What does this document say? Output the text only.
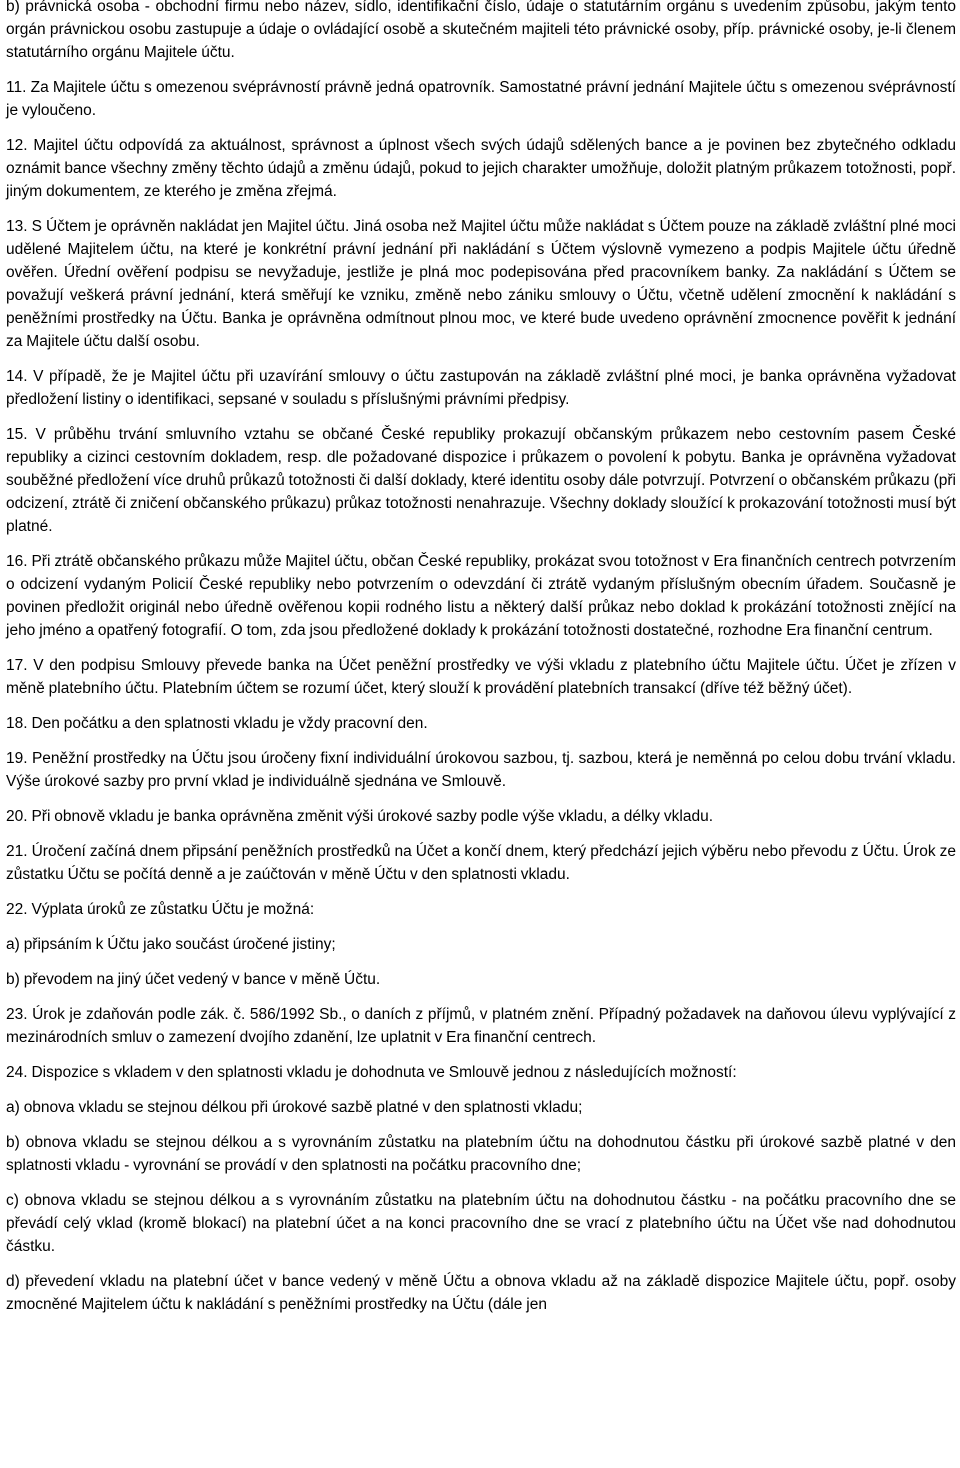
b) právnická osoba - obchodní firmu nebo název, sídlo, identifikační číslo, údaje o statutárním orgánu s uvedením způsobu, jakým tento orgán právnickou osobu zastupuje a údaje o ovládající osobě a skutečném majiteli této právnické osoby, příp. právnické osoby, je-li členem statutárního orgánu Majitele účtu.

11. Za Majitele účtu s omezenou svéprávností právně jedná opatrovník. Samostatné právní jednání Majitele účtu s omezenou svéprávností je vyloučeno.

12. Majitel účtu odpovídá za aktuálnost, správnost a úplnost všech svých údajů sdělených bance a je povinen bez zbytečného odkladu oznámit bance všechny změny těchto údajů a změnu údajů, pokud to jejich charakter umožňuje, doložit platným průkazem totožnosti, popř. jiným dokumentem, ze kterého je změna zřejmá.

13. S Účtem je oprávněn nakládat jen Majitel účtu. Jiná osoba než Majitel účtu může nakládat s Účtem pouze na základě zvláštní plné moci udělené Majitelem účtu, na které je konkrétní právní jednání při nakládání s Účtem výslovně vymezeno a podpis Majitele účtu úředně ověřen. Úřední ověření podpisu se nevyžaduje, jestliže je plná moc podepisována před pracovníkem banky. Za nakládání s Účtem se považují veškerá právní jednání, která směřují ke vzniku, změně nebo zániku smlouvy o Účtu, včetně udělení zmocnění k nakládání s peněžními prostředky na Účtu. Banka je oprávněna odmítnout plnou moc, ve které bude uvedeno oprávnění zmocnence pověřit k jednání za Majitele účtu další osobu.

14. V případě, že je Majitel účtu při uzavírání smlouvy o účtu zastupován na základě zvláštní plné moci, je banka oprávněna vyžadovat předložení listiny o identifikaci, sepsané v souladu s příslušnými právními předpisy.

15. V průběhu trvání smluvního vztahu se občané České republiky prokazují občanským průkazem nebo cestovním pasem České republiky a cizinci cestovním dokladem, resp. dle požadované dispozice i průkazem o povolení k pobytu. Banka je oprávněna vyžadovat souběžné předložení více druhů průkazů totožnosti či další doklady, které identitu osoby dále potvrzují. Potvrzení o občanském průkazu (při odcizení, ztrátě či zničení občanského průkazu) průkaz totožnosti nenahrazuje. Všechny doklady sloužící k prokazování totožnosti musí být platné.

16. Při ztrátě občanského průkazu může Majitel účtu, občan České republiky, prokázat svou totožnost v Era finančních centrech potvrzením o odcizení vydaným Policií České republiky nebo potvrzením o odevzdání či ztrátě vydaným příslušným obecním úřadem. Současně je povinen předložit originál nebo úředně ověřenou kopii rodného listu a některý další průkaz nebo doklad k prokázání totožnosti znějící na jeho jméno a opatřený fotografií. O tom, zda jsou předložené doklady k prokázání totožnosti dostatečné, rozhodne Era finanční centrum.

17. V den podpisu Smlouvy převede banka na Účet peněžní prostředky ve výši vkladu z platebního účtu Majitele účtu. Účet je zřízen v měně platebního účtu. Platebním účtem se rozumí účet, který slouží k provádění platebních transakcí (dříve též běžný účet).

18. Den počátku a den splatnosti vkladu je vždy pracovní den.

19. Peněžní prostředky na Účtu jsou úročeny fixní individuální úrokovou sazbou, tj. sazbou, která je neměnná po celou dobu trvání vkladu. Výše úrokové sazby pro první vklad je individuálně sjednána ve Smlouvě.

20. Při obnově vkladu je banka oprávněna změnit výši úrokové sazby podle výše vkladu, a délky vkladu.

21. Úročení začíná dnem připsání peněžních prostředků na Účet a končí dnem, který předchází jejich výběru nebo převodu z Účtu. Úrok ze zůstatku Účtu se počítá denně a je zaúčtován v měně Účtu v den splatnosti vkladu.

22. Výplata úroků ze zůstatku Účtu je možná:

a) připsáním k Účtu jako součást úročené jistiny;

b) převodem na jiný účet vedený v bance v měně Účtu.

23. Úrok je zdaňován podle zák. č. 586/1992 Sb., o daních z příjmů, v platném znění. Případný požadavek na daňovou úlevu vyplývající z mezinárodních smluv o zamezení dvojího zdanění, lze uplatnit v Era finanční centrech.

24. Dispozice s vkladem v den splatnosti vkladu je dohodnuta ve Smlouvě jednou z následujících možností:

a) obnova vkladu se stejnou délkou při úrokové sazbě platné v den splatnosti vkladu;

b) obnova vkladu se stejnou délkou a s vyrovnáním zůstatku na platebním účtu na dohodnutou částku při úrokové sazbě platné v den splatnosti vkladu - vyrovnání se provádí v den splatnosti na počátku pracovního dne;

c) obnova vkladu se stejnou délkou a s vyrovnáním zůstatku na platebním účtu na dohodnutou částku - na počátku pracovního dne se převádí celý vklad (kromě blokací) na platební účet a na konci pracovního dne se vrací z platebního účtu na Účet vše nad dohodnutou částku.

d) převedení vkladu na platební účet v bance vedený v měně Účtu a obnova vkladu až na základě dispozice Majitele účtu, popř. osoby zmocněné Majitelem účtu k nakládání s peněžními prostředky na Účtu (dále jen
